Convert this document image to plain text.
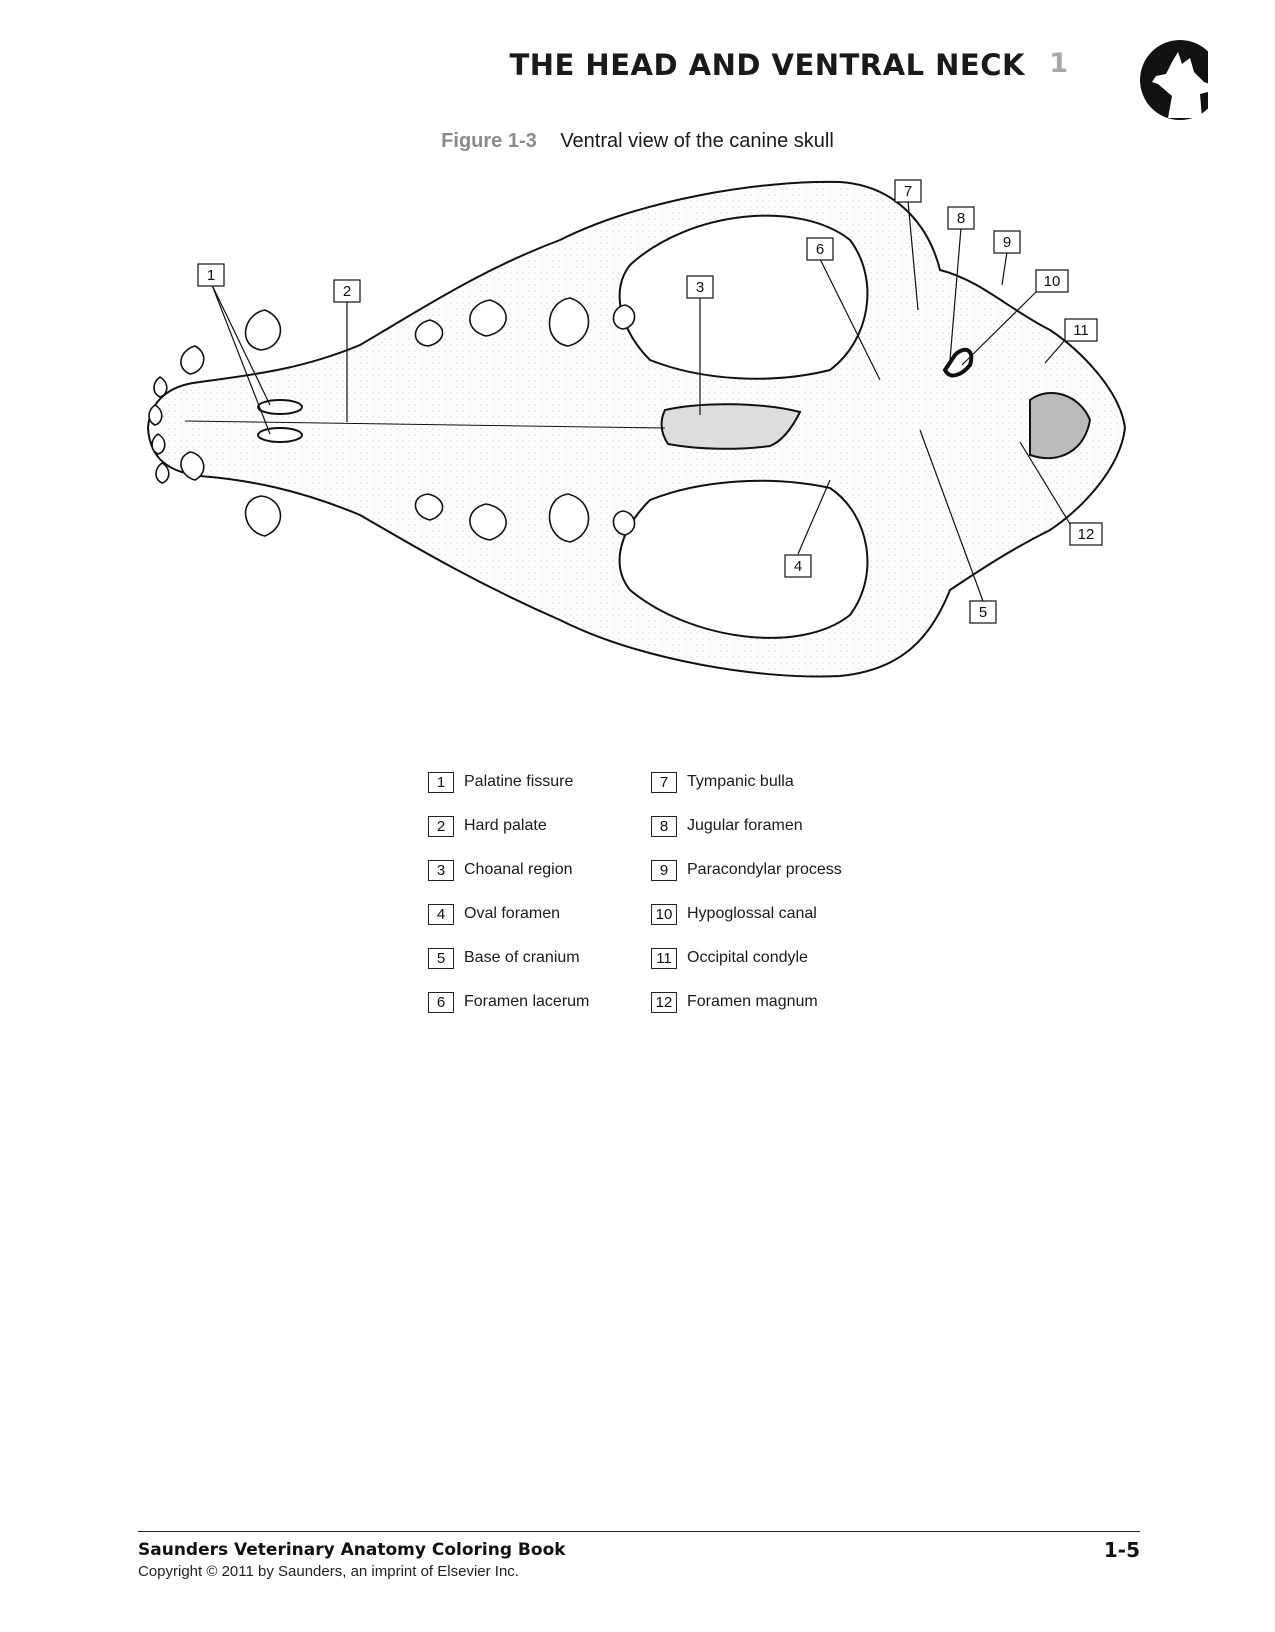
THE HEAD AND VENTRAL NECK 1
Figure 1-3 Ventral view of the canine skull
1
2	3
4
5
6
7
8
9
10
11
12
1	Palatine fissure
2	Hard palate
3	Choanal region
4	Oval foramen
5	Base of cranium
6	Foramen lacerum
7	Tympanic bulla
8	Jugular foramen
9	Paracondylar process
10 Hypoglossal canal
11 Occipital condyle
12 Foramen magnum
Saunders Veterinary Anatomy Coloring Book
Copyright © 2011 by Saunders, an imprint of Elsevier Inc.
1-5
